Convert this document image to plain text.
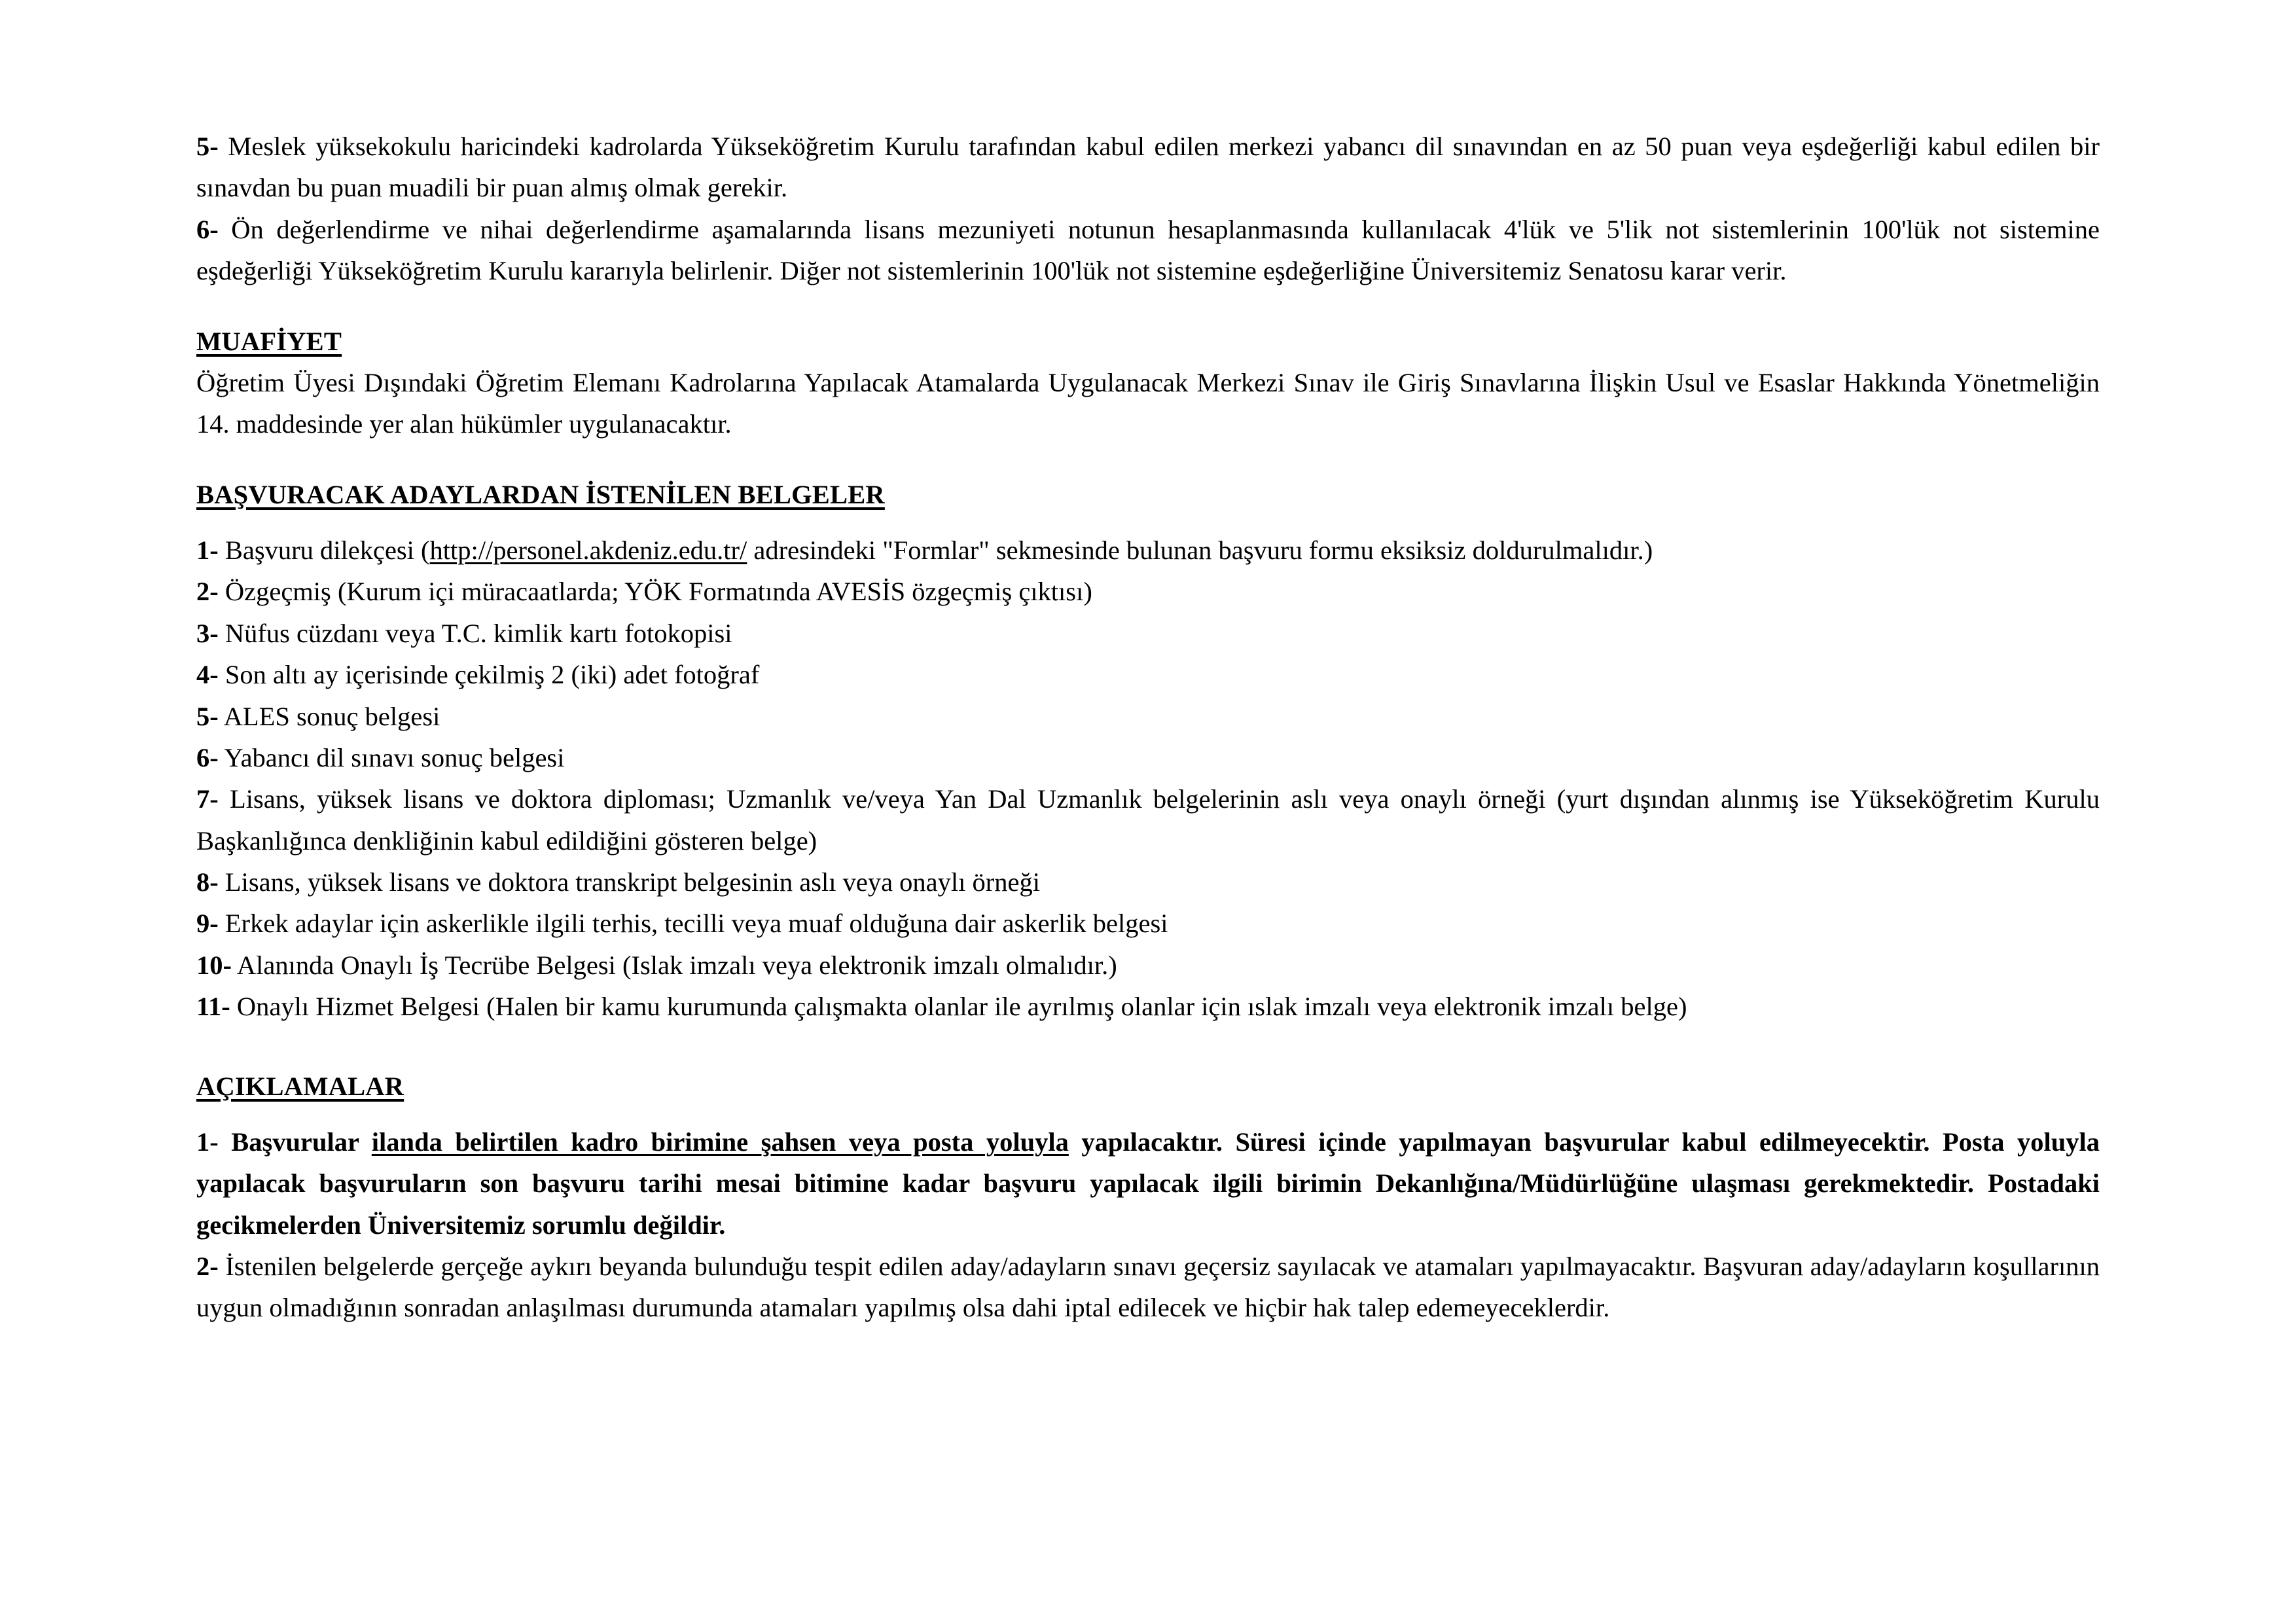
5- Meslek yüksekokulu haricindeki kadrolarda Yükseköğretim Kurulu tarafından kabul edilen merkezi yabancı dil sınavından en az 50 puan veya eşdeğerliği kabul edilen bir sınavdan bu puan muadili bir puan almış olmak gerekir.

6- Ön değerlendirme ve nihai değerlendirme aşamalarında lisans mezuniyeti notunun hesaplanmasında kullanılacak 4'lük ve 5'lik not sistemlerinin 100'lük not sistemine eşdeğerliği Yükseköğretim Kurulu kararıyla belirlenir. Diğer not sistemlerinin 100'lük not sistemine eşdeğerliğine Üniversitemiz Senatosu karar verir.

MUAFİYET

Öğretim Üyesi Dışındaki Öğretim Elemanı Kadrolarına Yapılacak Atamalarda Uygulanacak Merkezi Sınav ile Giriş Sınavlarına İlişkin Usul ve Esaslar Hakkında Yönetmeliğin 14. maddesinde yer alan hükümler uygulanacaktır.

BAŞVURACAK ADAYLARDAN İSTENİLEN BELGELER
1- Başvuru dilekçesi (http://personel.akdeniz.edu.tr/ adresindeki "Formlar" sekmesinde bulunan başvuru formu eksiksiz doldurulmalıdır.)
2- Özgeçmiş (Kurum içi müracaatlarda; YÖK Formatında AVESİS özgeçmiş çıktısı)
3- Nüfus cüzdanı veya T.C. kimlik kartı fotokopisi
4- Son altı ay içerisinde çekilmiş 2 (iki) adet fotoğraf
5- ALES sonuç belgesi
6- Yabancı dil sınavı sonuç belgesi
7- Lisans, yüksek lisans ve doktora diploması; Uzmanlık ve/veya Yan Dal Uzmanlık belgelerinin aslı veya onaylı örneği (yurt dışından alınmış ise Yükseköğretim Kurulu Başkanlığınca denkliğinin kabul edildiğini gösteren belge)
8- Lisans, yüksek lisans ve doktora transkript belgesinin aslı veya onaylı örneği
9- Erkek adaylar için askerlikle ilgili terhis, tecilli veya muaf olduğuna dair askerlik belgesi
10- Alanında Onaylı İş Tecrübe Belgesi (Islak imzalı veya elektronik imzalı olmalıdır.)
11- Onaylı Hizmet Belgesi (Halen bir kamu kurumunda çalışmakta olanlar ile ayrılmış olanlar için ıslak imzalı veya elektronik imzalı belge)
AÇIKLAMALAR

1- Başvurular ilanda belirtilen kadro birimine şahsen veya posta yoluyla yapılacaktır. Süresi içinde yapılmayan başvurular kabul edilmeyecektir. Posta yoluyla yapılacak başvuruların son başvuru tarihi mesai bitimine kadar başvuru yapılacak ilgili birimin Dekanlığına/Müdürlüğüne ulaşması gerekmektedir. Postadaki gecikmelerden Üniversitemiz sorumlu değildir.

2- İstenilen belgelerde gerçeğe aykırı beyanda bulunduğu tespit edilen aday/adayların sınavı geçersiz sayılacak ve atamaları yapılmayacaktır. Başvuran aday/adayların koşullarının uygun olmadığının sonradan anlaşılması durumunda atamaları yapılmış olsa dahi iptal edilecek ve hiçbir hak talep edemeyeceklerdir.
